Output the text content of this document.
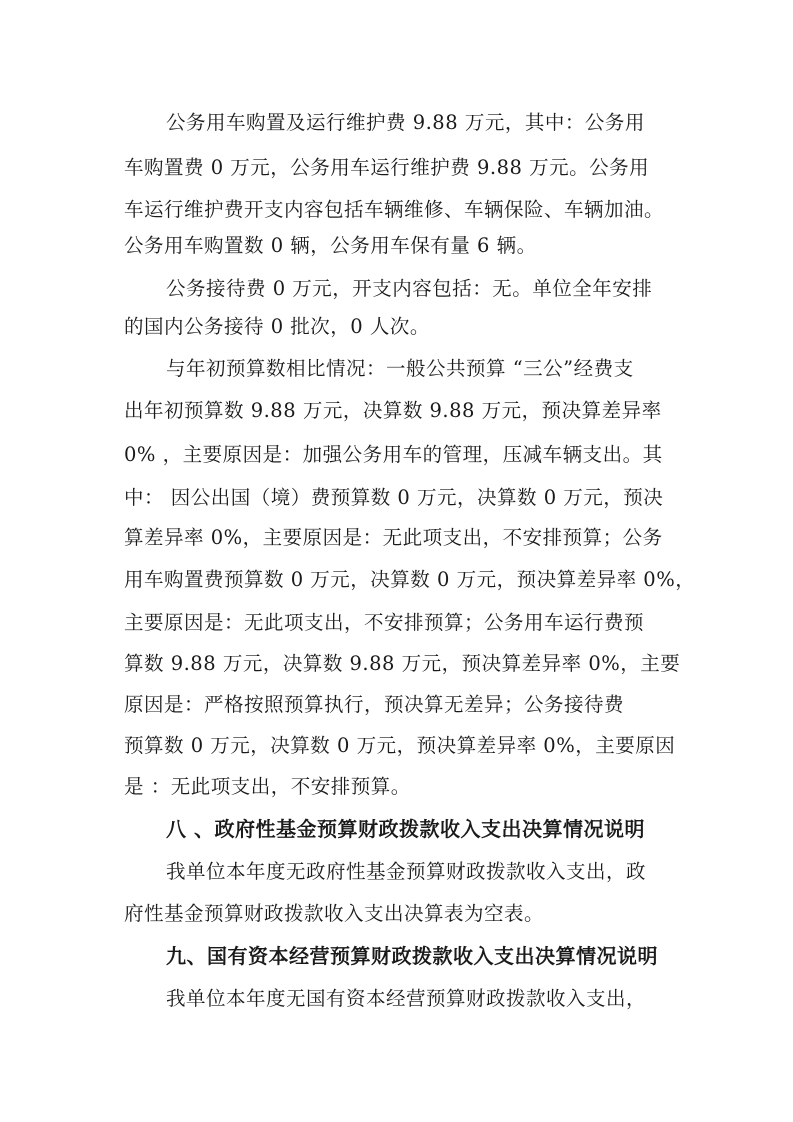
公务用车购置及运行维护费 9.88 万元，其中：公务用
车购置费 0 万元，公务用车运行维护费 9.88 万元。公务用
车运行维护费开支内容包括车辆维修、车辆保险、车辆加油。
公务用车购置数 0 辆，公务用车保有量 6 辆。
公务接待费 0 万元，开支内容包括：无。单位全年安排
的国内公务接待 0 批次，0 人次。
与年初预算数相比情况：一般公共预算 “三公”经费支
出年初预算数 9.88 万元，决算数 9.88 万元，预决算差异率
0% ，主要原因是：加强公务用车的管理，压减车辆支出。其
中： 因公出国（境）费预算数 0 万元，决算数 0 万元，预决
算差异率 0%，主要原因是：无此项支出，不安排预算；公务
用车购置费预算数 0 万元，决算数 0 万元，预决算差异率 0%，
主要原因是：无此项支出，不安排预算；公务用车运行费预
算数 9.88 万元，决算数 9.88 万元，预决算差异率 0%，主要
原因是：严格按照预算执行，预决算无差异；公务接待费
预算数 0 万元，决算数 0 万元，预决算差异率 0%，主要原因
是 ：无此项支出，不安排预算。
八 、政府性基金预算财政拨款收入支出决算情况说明
我单位本年度无政府性基金预算财政拨款收入支出，政
府性基金预算财政拨款收入支出决算表为空表。
九、国有资本经营预算财政拨款收入支出决算情况说明
我单位本年度无国有资本经营预算财政拨款收入支出，
